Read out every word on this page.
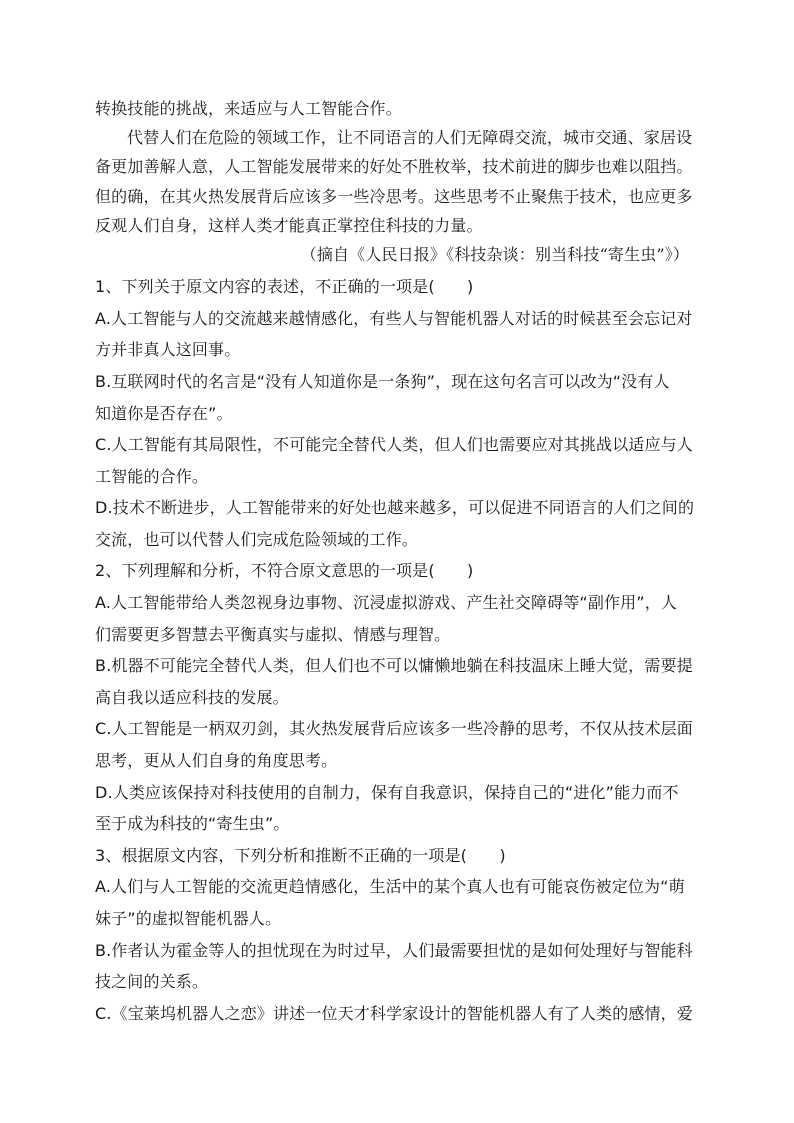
转换技能的挑战，来适应与人工智能合作。

代替人们在危险的领域工作，让不同语言的人们无障碍交流，城市交通、家居设

备更加善解人意，人工智能发展带来的好处不胜枚举，技术前进的脚步也难以阻挡。

但的确，在其火热发展背后应该多一些冷思考。这些思考不止聚焦于技术，也应更多

反观人们自身，这样人类才能真正掌控住科技的力量。

（摘自《人民日报》《科技杂谈：别当科技“寄生虫”》）

1、下列关于原文内容的表述，不正确的一项是(　　)

A.人工智能与人的交流越来越情感化，有些人与智能机器人对话的时候甚至会忘记对

方并非真人这回事。

B.互联网时代的名言是“没有人知道你是一条狗”，现在这句名言可以改为“没有人

知道你是否存在”。

C.人工智能有其局限性，不可能完全替代人类，但人们也需要应对其挑战以适应与人

工智能的合作。

D.技术不断进步，人工智能带来的好处也越来越多，可以促进不同语言的人们之间的

交流，也可以代替人们完成危险领域的工作。

2、下列理解和分析，不符合原文意思的一项是(　　)

A.人工智能带给人类忽视身边事物、沉浸虚拟游戏、产生社交障碍等“副作用”，人

们需要更多智慧去平衡真实与虚拟、情感与理智。

B.机器不可能完全替代人类，但人们也不可以慵懒地躺在科技温床上睡大觉，需要提

高自我以适应科技的发展。

C.人工智能是一柄双刃剑，其火热发展背后应该多一些冷静的思考，不仅从技术层面

思考，更从人们自身的角度思考。

D.人类应该保持对科技使用的自制力，保有自我意识，保持自己的“进化”能力而不

至于成为科技的“寄生虫”。

3、根据原文内容，下列分析和推断不正确的一项是(　　)

A.人们与人工智能的交流更趋情感化，生活中的某个真人也有可能哀伤被定位为“萌

妹子”的虚拟智能机器人。

B.作者认为霍金等人的担忧现在为时过早，人们最需要担忧的是如何处理好与智能科

技之间的关系。

C.《宝莱坞机器人之恋》讲述一位天才科学家设计的智能机器人有了人类的感情，爱
